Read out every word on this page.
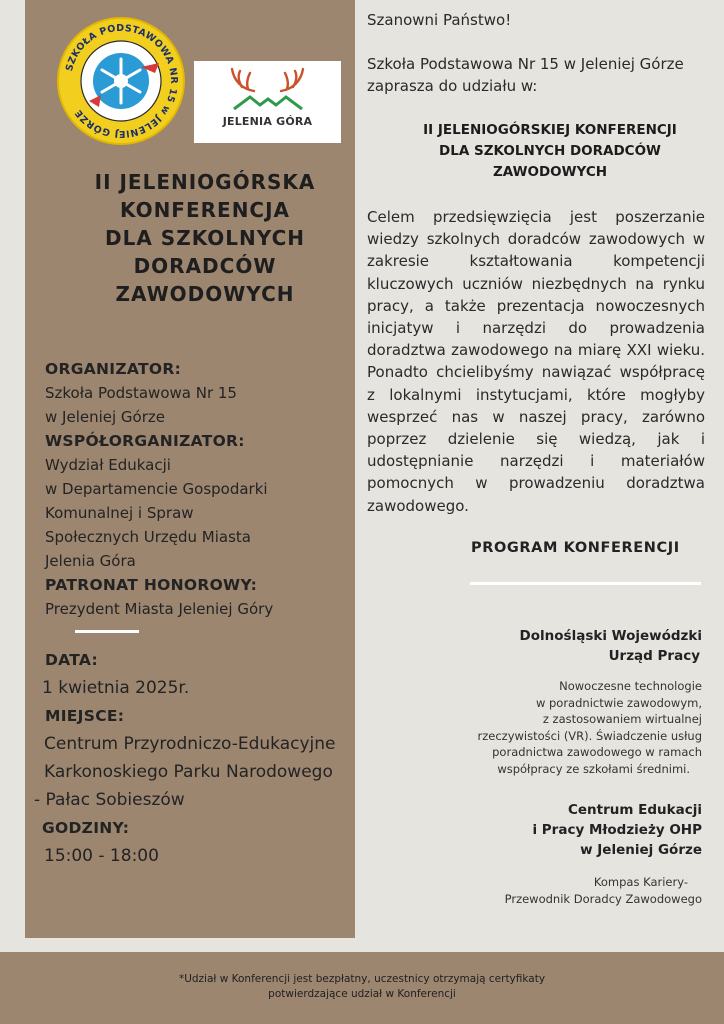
SZKOŁA PODSTAWOWA NR 15 w JELENIEJ GÓRZE
JELENIA GÓRA
II JELENIOGÓRSKA
KONFERENCJA
DLA SZKOLNYCH
DORADCÓW
ZAWODOWYCH
ORGANIZATOR:
Szkoła Podstawowa Nr 15
w Jeleniej Górze
WSPÓŁORGANIZATOR:
Wydział Edukacji
w Departamencie Gospodarki
Komunalnej i Spraw
Społecznych Urzędu Miasta
Jelenia Góra
PATRONAT HONOROWY:
Prezydent Miasta Jeleniej Góry
DATA:
1 kwietnia 2025r.
MIEJSCE:
Centrum Przyrodniczo-Edukacyjne
Karkonoskiego Parku Narodowego
- Pałac Sobieszów
GODZINY:
15:00 - 18:00
Szanowni Państwo!
Szkoła Podstawowa Nr 15 w Jeleniej Górze
zaprasza do udziału w:
II JELENIOGÓRSKIEJ KONFERENCJI
DLA SZKOLNYCH DORADCÓW
ZAWODOWYCH
Celem przedsięwzięcia jest poszerzanie wiedzy szkolnych doradców zawodowych w zakresie kształtowania kompetencji kluczowych uczniów niezbędnych na rynku pracy, a także prezentacja nowoczesnych inicjatyw i narzędzi do prowadzenia doradztwa zawodowego na miarę XXI wieku. Ponadto chcielibyśmy nawiązać współpracę z lokalnymi instytucjami, które mogłyby wesprzeć nas w naszej pracy, zarówno poprzez dzielenie się wiedzą, jak i udostępnianie narzędzi i materiałów pomocnych w prowadzeniu doradztwa zawodowego.
PROGRAM KONFERENCJI
Dolnośląski Wojewódzki
Urząd Pracy
Nowoczesne technologie
w poradnictwie zawodowym,
z zastosowaniem wirtualnej
rzeczywistości (VR). Świadczenie usług
poradnictwa zawodowego w ramach
współpracy ze szkołami średnimi.
Centrum Edukacji
i Pracy Młodzieży OHP
w Jeleniej Górze
Kompas Kariery-
Przewodnik Doradcy Zawodowego
*Udział w Konferencji jest bezpłatny, uczestnicy otrzymają certyfikaty
potwierdzające udział w Konferencji
